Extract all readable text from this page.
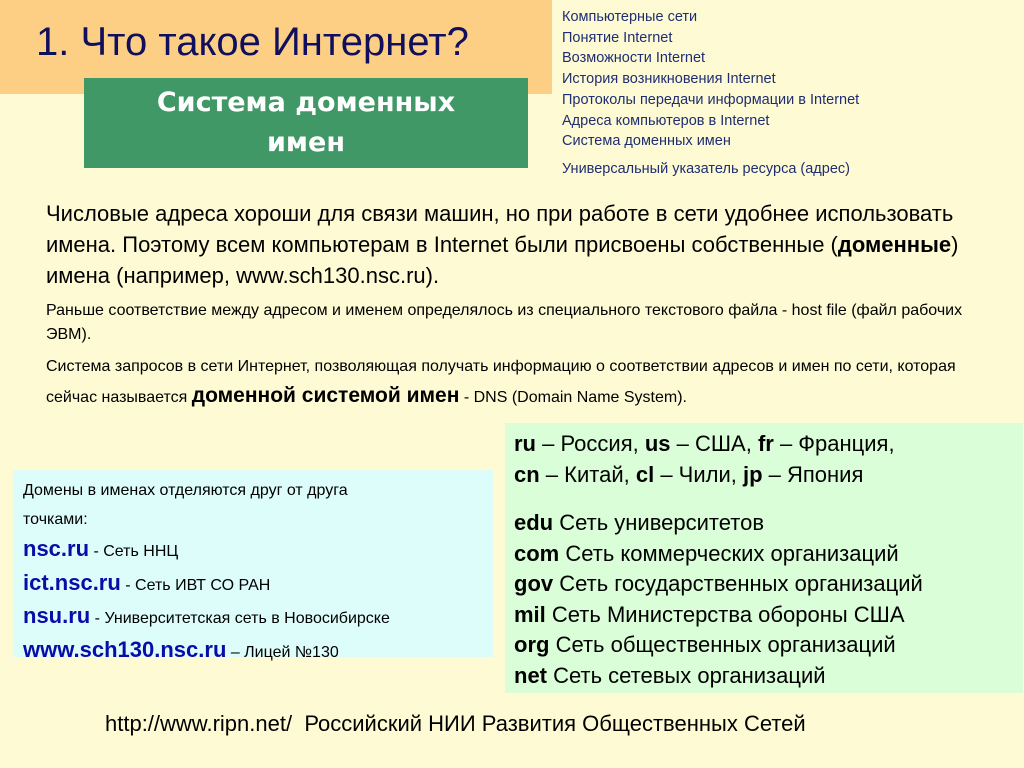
1. Что такое Интернет?
Система доменных
имен
Компьютерные сети
Понятие Internet
Возможности Internet
История возникновения Internet
Протоколы передачи информации в Internet
Адреса компьютеров в Internet
Система доменных имен
Универсальный указатель ресурса (адрес)

Числовые адреса хороши для связи машин, но при работе в сети удобнее использовать имена. Поэтому всем компьютерам в Internet были присвоены собственные (доменные) имена (например, www.sch130.nsc.ru).

Раньше соответствие между адресом и именем определялось из специального текстового файла - host file (файл рабочих ЭВМ).

Система запросов в сети Интернет, позволяющая получать информацию о соответствии адресов и имен по сети, которая сейчас называется доменной системой имен - DNS (Domain Name System).

Домены в именах отделяются друг от друга
точками:
nsc.ru - Сеть ННЦ
ict.nsc.ru - Сеть ИВТ СО РАН
nsu.ru - Университетская сеть в Новосибирске
www.sch130.nsc.ru – Лицей №130
ru – Россия, us – США, fr – Франция,
cn – Китай, cl – Чили, jp – Япония
edu Сеть университетов
com Сеть коммерческих организаций
gov Сеть государственных организаций
mil Сеть Министерства обороны США
org Сеть общественных организаций
net Сеть сетевых организаций
http://www.ripn.net/  Российский НИИ Развития Общественных Сетей
